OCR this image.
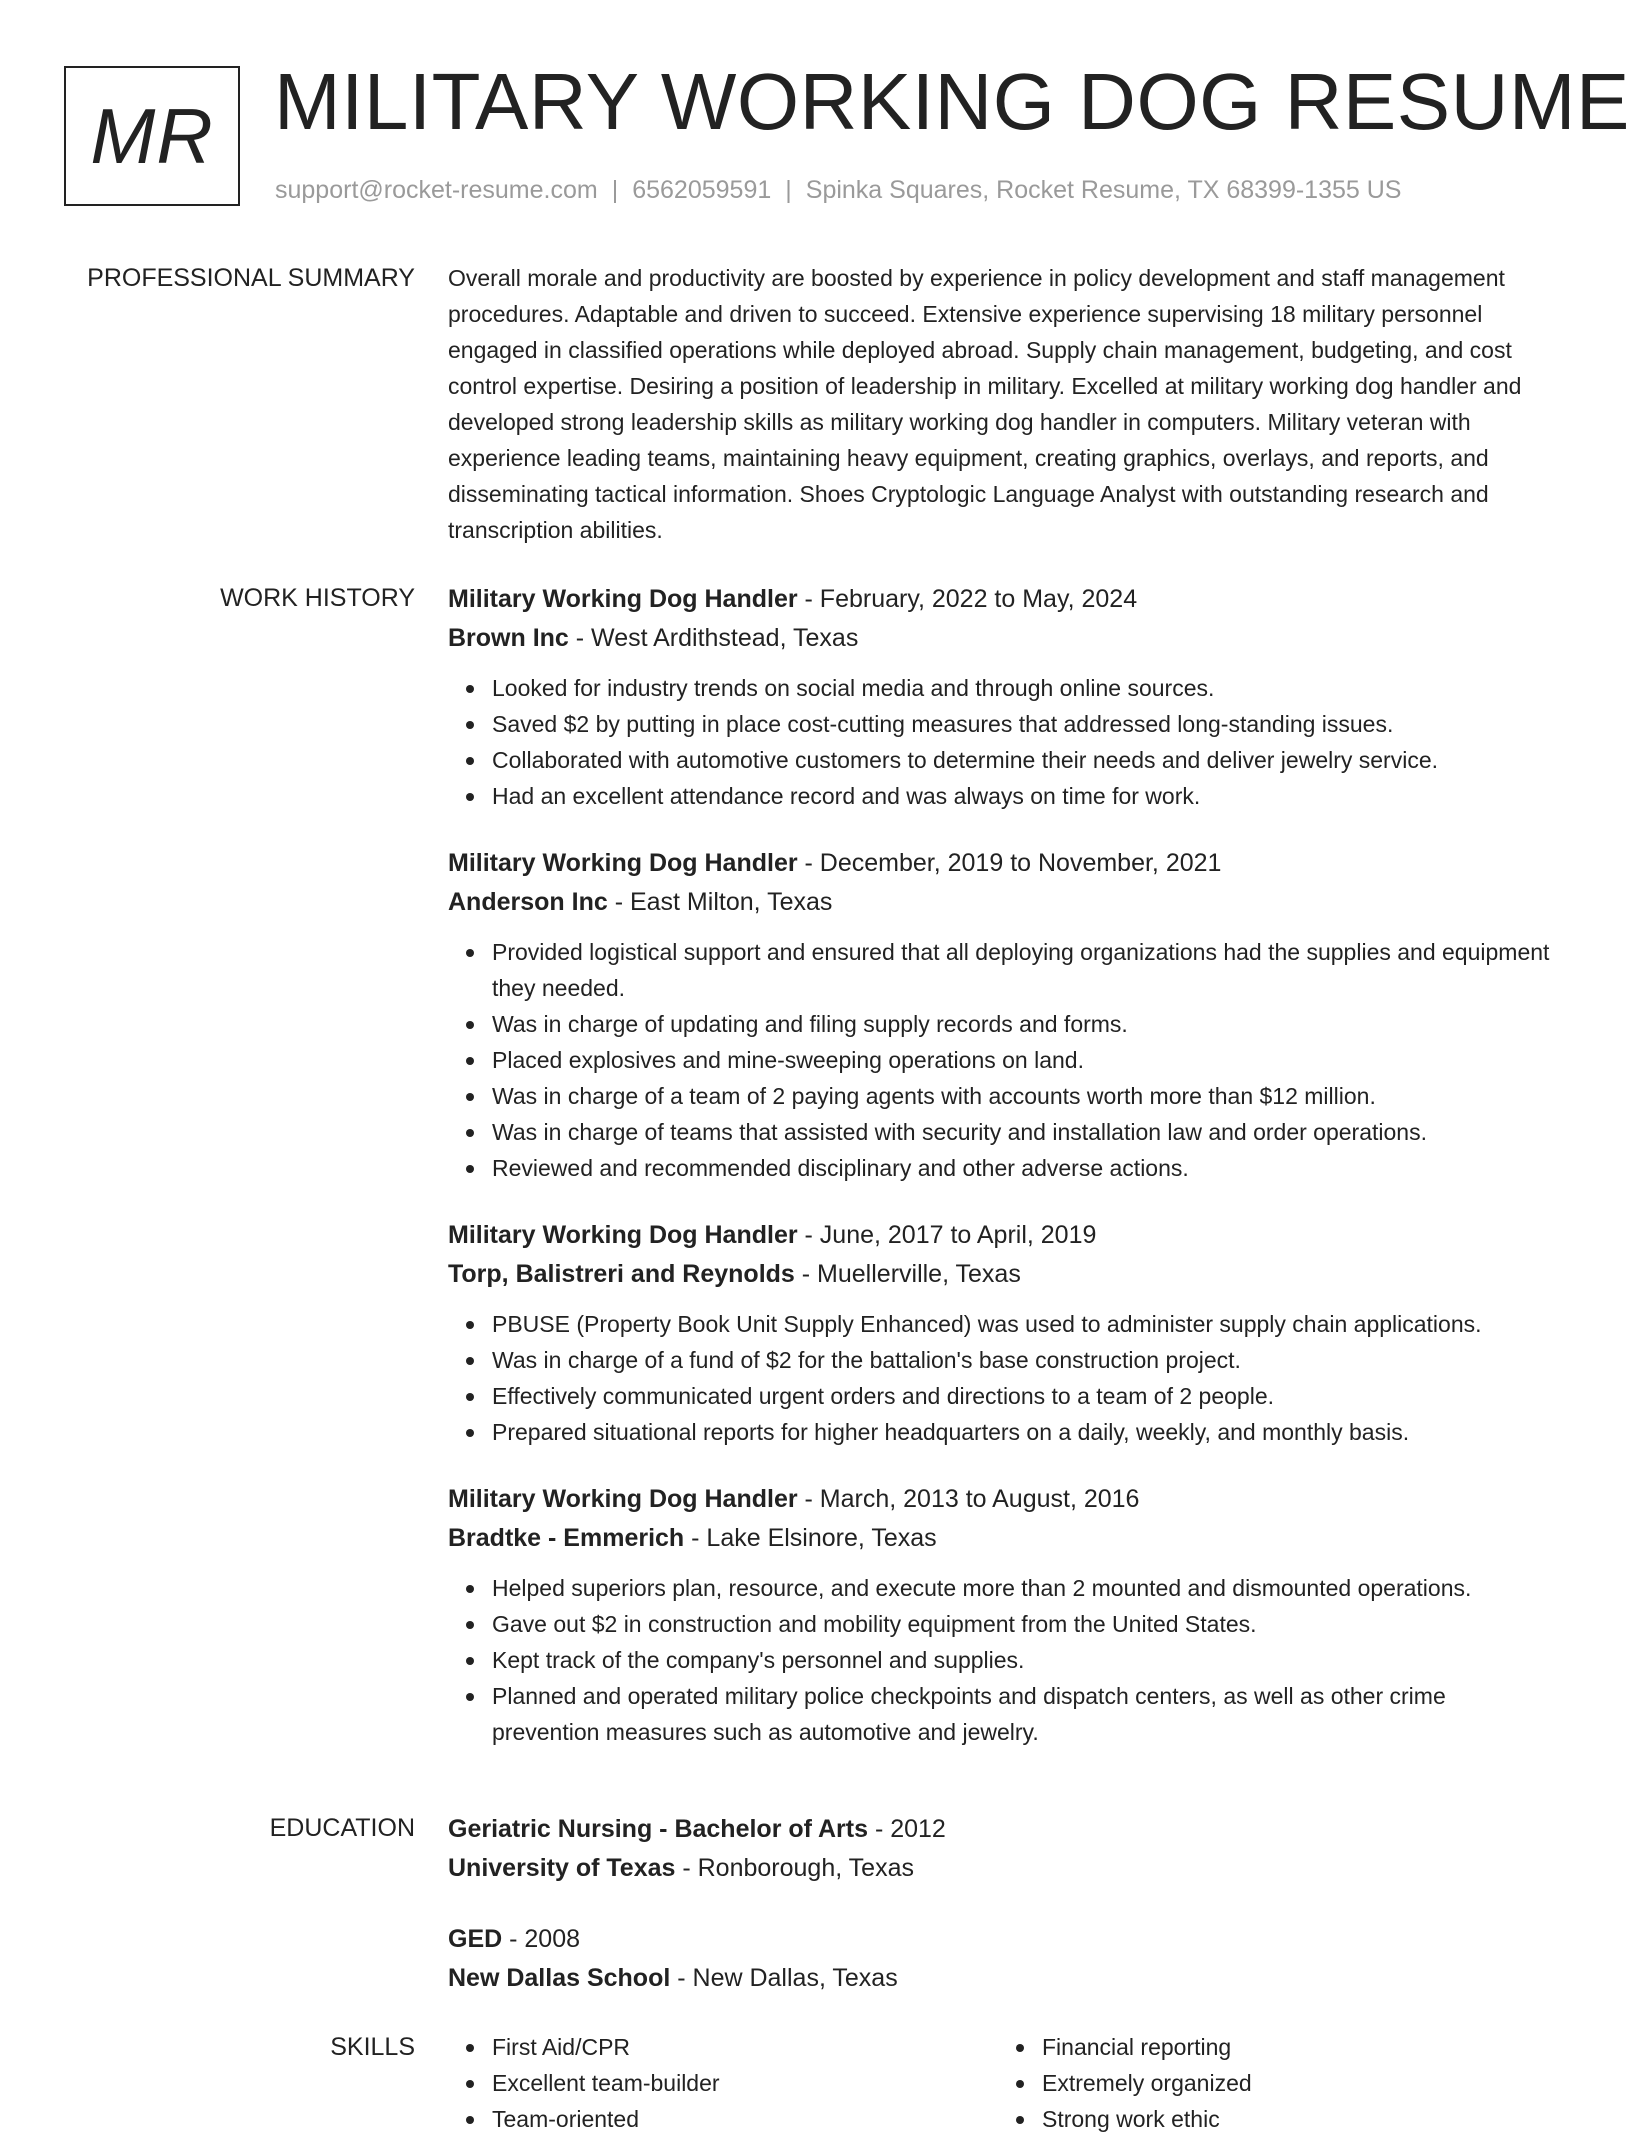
MR MILITARY WORKING DOG RESUME
support@rocket-resume.com | 6562059591 | Spinka Squares, Rocket Resume, TX 68399-1355 US
PROFESSIONAL SUMMARY Overall morale and productivity are boosted by experience in policy development and staff management procedures. Adaptable and driven to succeed. Extensive experience supervising 18 military personnel engaged in classified operations while deployed abroad. Supply chain management, budgeting, and cost control expertise. Desiring a position of leadership in military. Excelled at military working dog handler and developed strong leadership skills as military working dog handler in computers. Military veteran with experience leading teams, maintaining heavy equipment, creating graphics, overlays, and reports, and disseminating tactical information. Shoes Cryptologic Language Analyst with outstanding research and transcription abilities.

WORK HISTORY Military Working Dog Handler - February, 2022 to May, 2024
Brown Inc - West Ardithstead, Texas
Looked for industry trends on social media and through online sources.
Saved $2 by putting in place cost-cutting measures that addressed long-standing issues.
Collaborated with automotive customers to determine their needs and deliver jewelry service.
Had an excellent attendance record and was always on time for work.
Military Working Dog Handler - December, 2019 to November, 2021
Anderson Inc - East Milton, Texas
Provided logistical support and ensured that all deploying organizations had the supplies and equipment they needed.
Was in charge of updating and filing supply records and forms.
Placed explosives and mine-sweeping operations on land.
Was in charge of a team of 2 paying agents with accounts worth more than $12 million.
Was in charge of teams that assisted with security and installation law and order operations.
Reviewed and recommended disciplinary and other adverse actions.
Military Working Dog Handler - June, 2017 to April, 2019
Torp, Balistreri and Reynolds - Muellerville, Texas
PBUSE (Property Book Unit Supply Enhanced) was used to administer supply chain applications.
Was in charge of a fund of $2 for the battalion's base construction project.
Effectively communicated urgent orders and directions to a team of 2 people.
Prepared situational reports for higher headquarters on a daily, weekly, and monthly basis.
Military Working Dog Handler - March, 2013 to August, 2016
Bradtke - Emmerich - Lake Elsinore, Texas
Helped superiors plan, resource, and execute more than 2 mounted and dismounted operations.
Gave out $2 in construction and mobility equipment from the United States.
Kept track of the company's personnel and supplies.
Planned and operated military police checkpoints and dispatch centers, as well as other crime prevention measures such as automotive and jewelry.
EDUCATION Geriatric Nursing - Bachelor of Arts - 2012
University of Texas - Ronborough, Texas
GED - 2008
New Dallas School - New Dallas, Texas
SKILLS	First Aid/CPR
Excellent team-builder
Team-oriented
Financial reporting
Extremely organized
Strong work ethic
